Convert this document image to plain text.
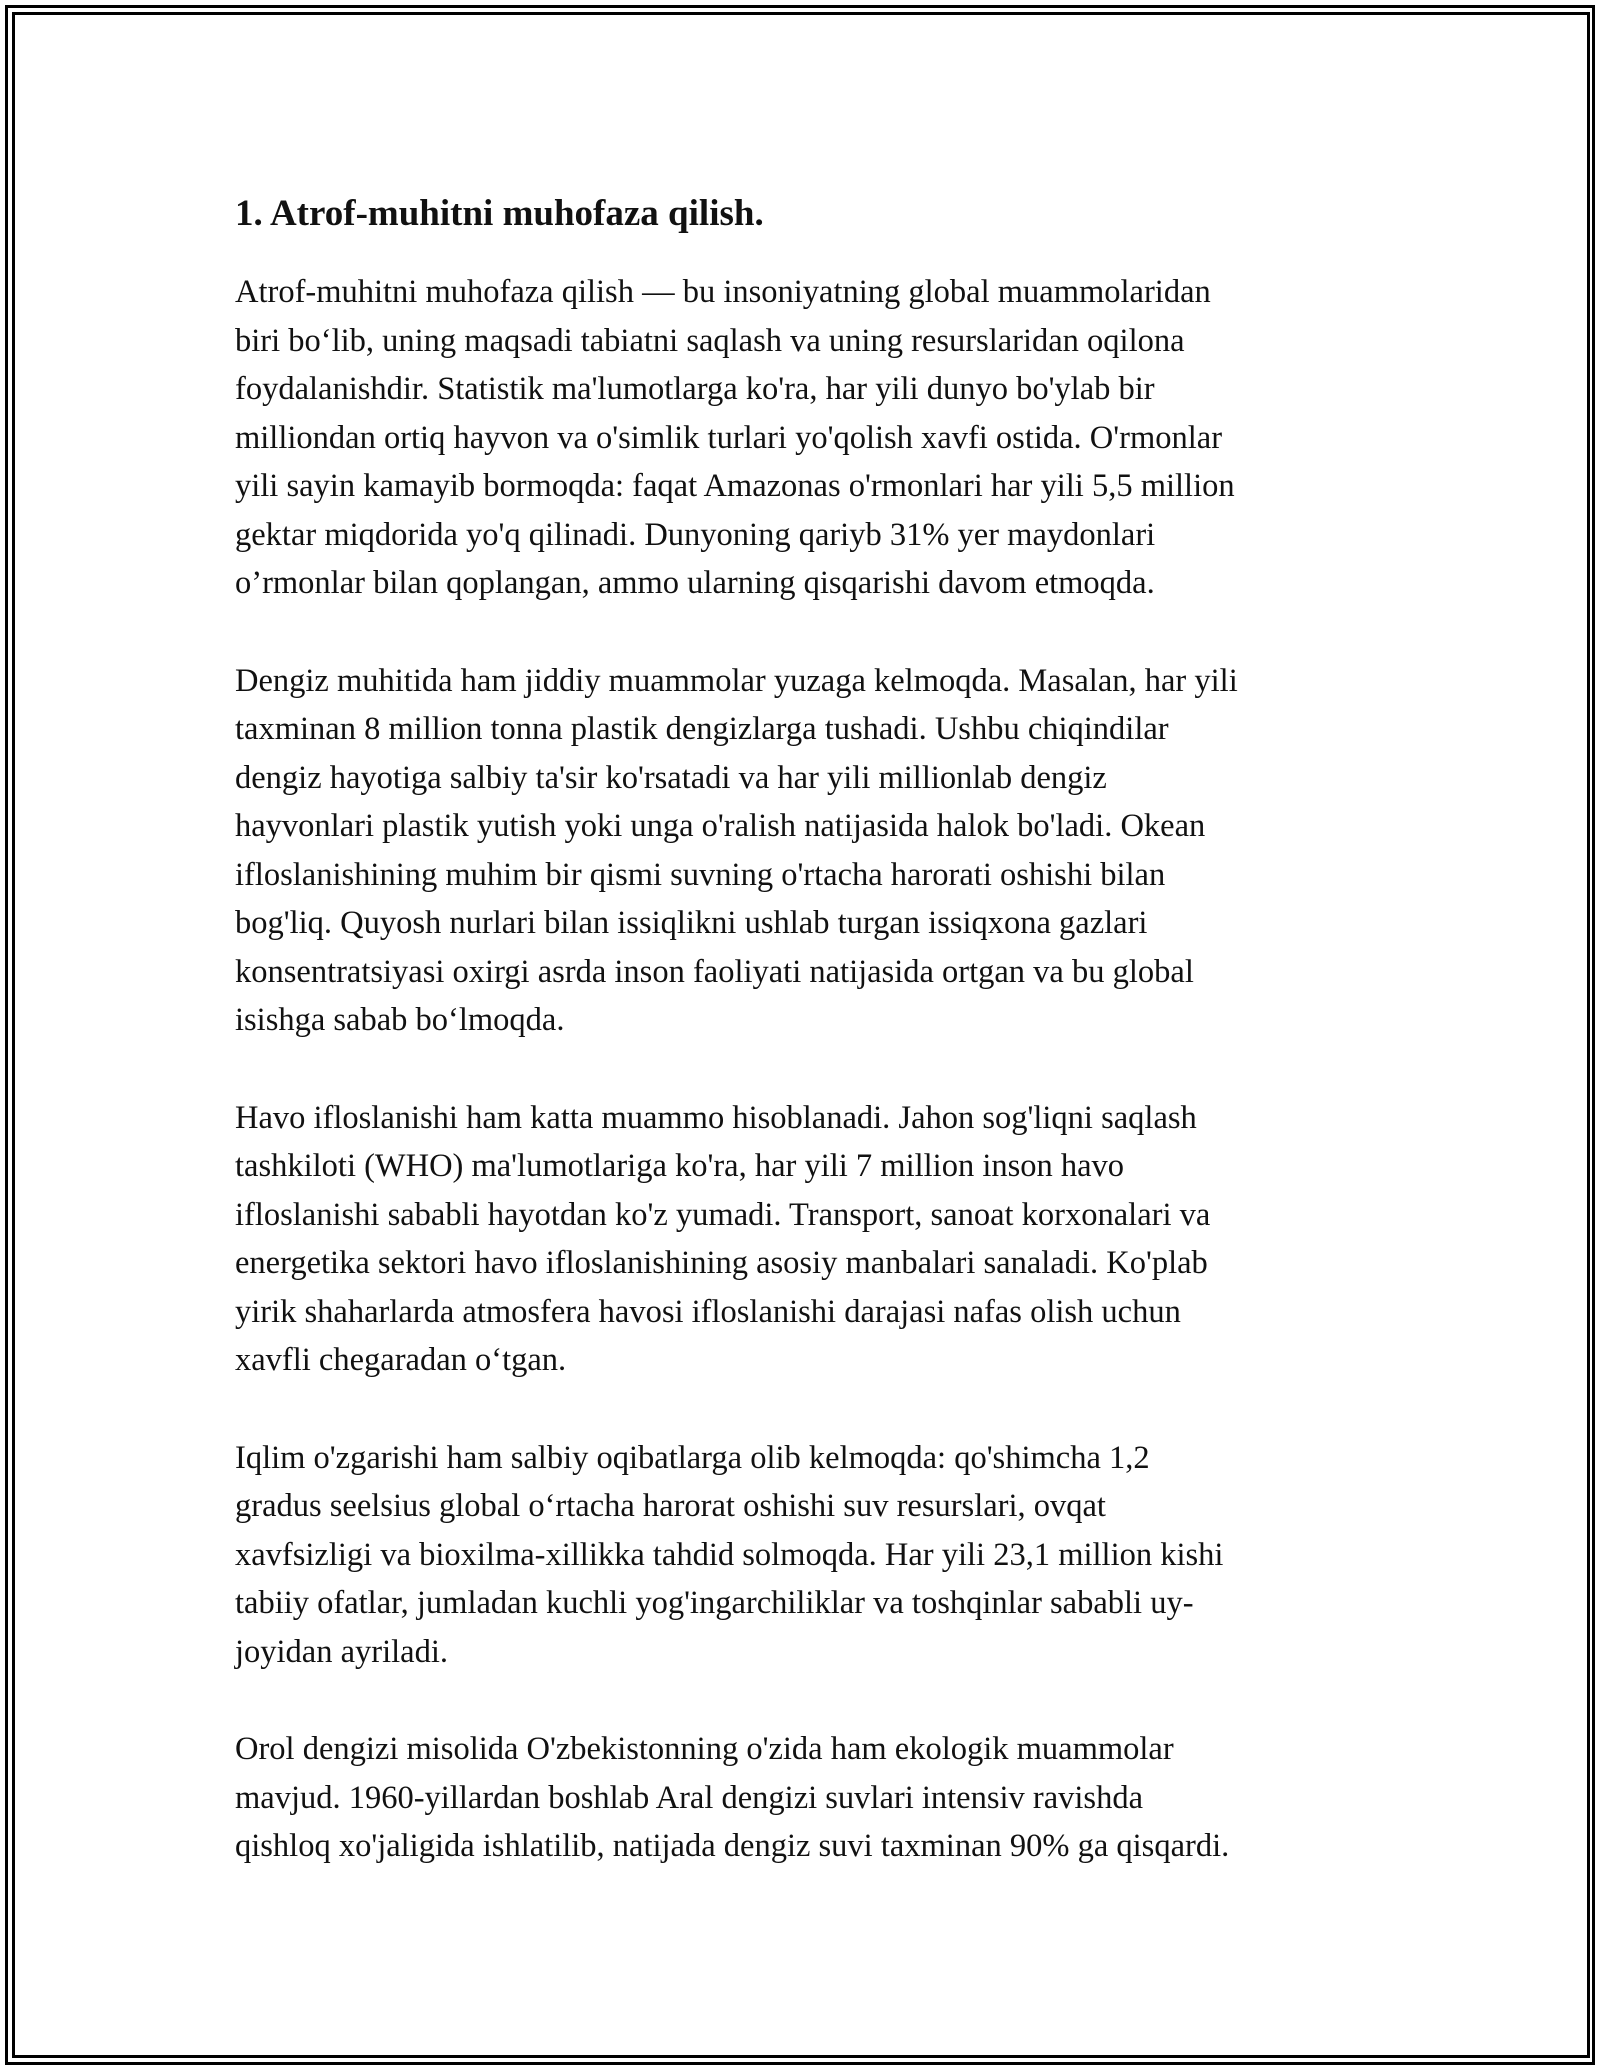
1. Atrof-muhitni muhofaza qilish.

Atrof-muhitni muhofaza qilish — bu insoniyatning global muammolaridan
biri bo‘lib, uning maqsadi tabiatni saqlash va uning resurslaridan oqilona
foydalanishdir. Statistik ma'lumotlarga ko'ra, har yili dunyo bo'ylab bir
milliondan ortiq hayvon va o'simlik turlari yo'qolish xavfi ostida. O'rmonlar
yili sayin kamayib bormoqda: faqat Amazonas o'rmonlari har yili 5,5 million
gektar miqdorida yo'q qilinadi. Dunyoning qariyb 31% yer maydonlari
o’rmonlar bilan qoplangan, ammo ularning qisqarishi davom etmoqda.

Dengiz muhitida ham jiddiy muammolar yuzaga kelmoqda. Masalan, har yili
taxminan 8 million tonna plastik dengizlarga tushadi. Ushbu chiqindilar
dengiz hayotiga salbiy ta'sir ko'rsatadi va har yili millionlab dengiz
hayvonlari plastik yutish yoki unga o'ralish natijasida halok bo'ladi. Okean
ifloslanishining muhim bir qismi suvning o'rtacha harorati oshishi bilan
bog'liq. Quyosh nurlari bilan issiqlikni ushlab turgan issiqxona gazlari
konsentratsiyasi oxirgi asrda inson faoliyati natijasida ortgan va bu global
isishga sabab bo‘lmoqda.

Havo ifloslanishi ham katta muammo hisoblanadi. Jahon sog'liqni saqlash
tashkiloti (WHO) ma'lumotlariga ko'ra, har yili 7 million inson havo
ifloslanishi sababli hayotdan ko'z yumadi. Transport, sanoat korxonalari va
energetika sektori havo ifloslanishining asosiy manbalari sanaladi. Ko'plab
yirik shaharlarda atmosfera havosi ifloslanishi darajasi nafas olish uchun
xavfli chegaradan o‘tgan.

Iqlim o'zgarishi ham salbiy oqibatlarga olib kelmoqda: qo'shimcha 1,2
gradus seelsius global o‘rtacha harorat oshishi suv resurslari, ovqat
xavfsizligi va bioxilma-xillikka tahdid solmoqda. Har yili 23,1 million kishi
tabiiy ofatlar, jumladan kuchli yog'ingarchiliklar va toshqinlar sababli uy-
joyidan ayriladi.

Orol dengizi misolida O'zbekistonning o'zida ham ekologik muammolar
mavjud. 1960-yillardan boshlab Aral dengizi suvlari intensiv ravishda
qishloq xo'jaligida ishlatilib, natijada dengiz suvi taxminan 90% ga qisqardi.
